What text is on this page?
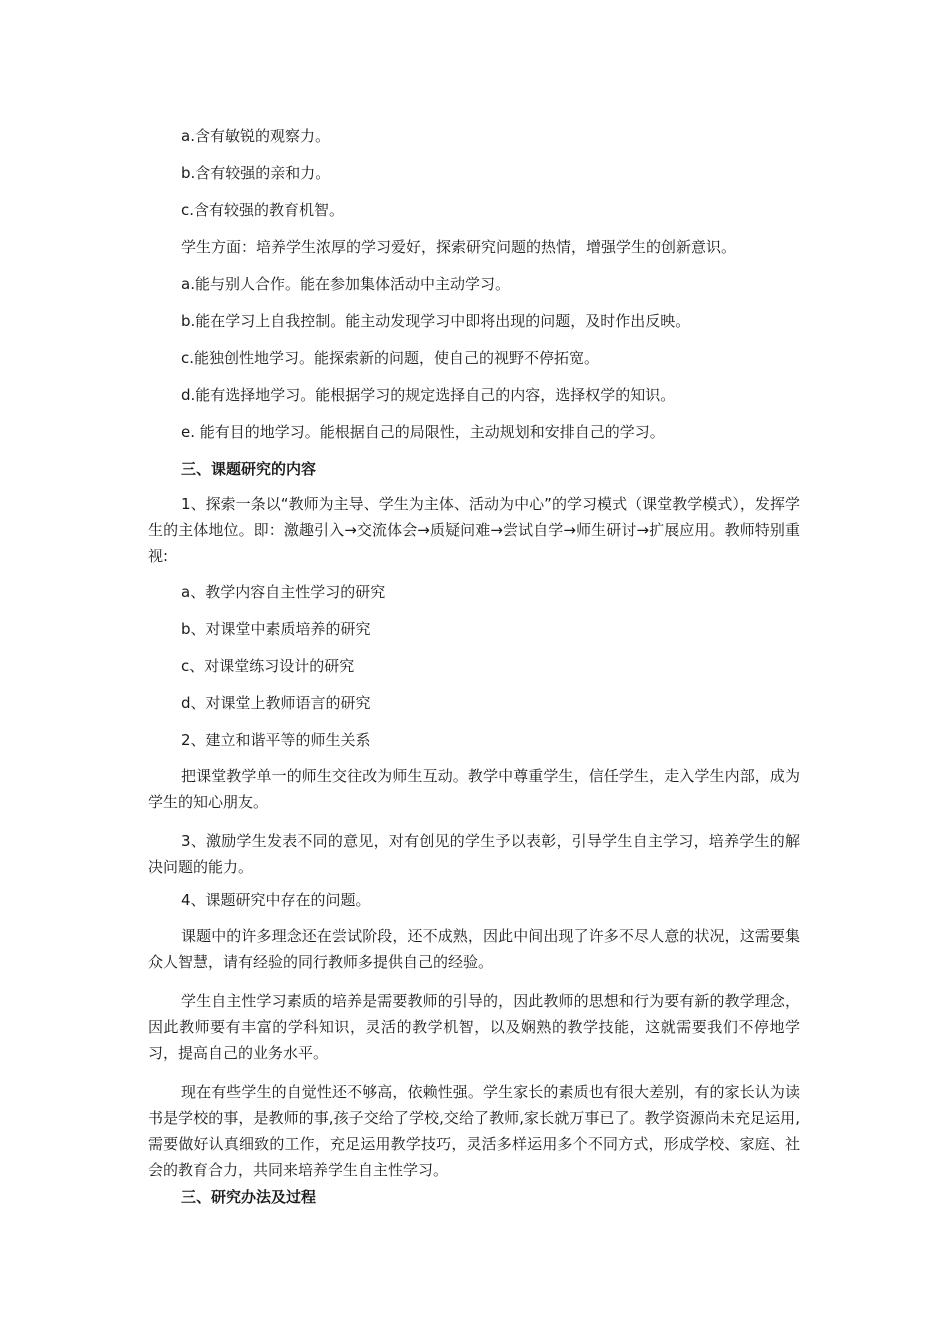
a.含有敏锐的观察力。

b.含有较强的亲和力。

c.含有较强的教育机智。

学生方面：培养学生浓厚的学习爱好，探索研究问题的热情，增强学生的创新意识。

a.能与别人合作。能在参加集体活动中主动学习。

b.能在学习上自我控制。能主动发现学习中即将出现的问题，及时作出反映。

c.能独创性地学习。能探索新的问题，使自己的视野不停拓宽。

d.能有选择地学习。能根据学习的规定选择自己的内容，选择权学的知识。

e. 能有目的地学习。能根据自己的局限性，主动规划和安排自己的学习。

三、课题研究的内容

1、探索一条以“教师为主导、学生为主体、活动为中心”的学习模式（课堂教学模式），发挥学生的主体地位。即：激趣引入→交流体会→质疑问难→尝试自学→师生研讨→扩展应用。教师特别重视:

a、教学内容自主性学习的研究

b、对课堂中素质培养的研究

c、对课堂练习设计的研究

d、对课堂上教师语言的研究

2、建立和谐平等的师生关系

把课堂教学单一的师生交往改为师生互动。教学中尊重学生，信任学生，走入学生内部，成为学生的知心朋友。

3、激励学生发表不同的意见，对有创见的学生予以表彰，引导学生自主学习，培养学生的解决问题的能力。

4、课题研究中存在的问题。

课题中的许多理念还在尝试阶段，还不成熟，因此中间出现了许多不尽人意的状况，这需要集众人智慧，请有经验的同行教师多提供自己的经验。

学生自主性学习素质的培养是需要教师的引导的，因此教师的思想和行为要有新的教学理念，因此教师要有丰富的学科知识，灵活的教学机智，以及娴熟的教学技能，这就需要我们不停地学习，提高自己的业务水平。

现在有些学生的自觉性还不够高，依赖性强。学生家长的素质也有很大差别，有的家长认为读书是学校的事，是教师的事,孩子交给了学校,交给了教师,家长就万事已了。教学资源尚未充足运用,需要做好认真细致的工作，充足运用教学技巧，灵活多样运用多个不同方式，形成学校、家庭、社会的教育合力，共同来培养学生自主性学习。

三、研究办法及过程
